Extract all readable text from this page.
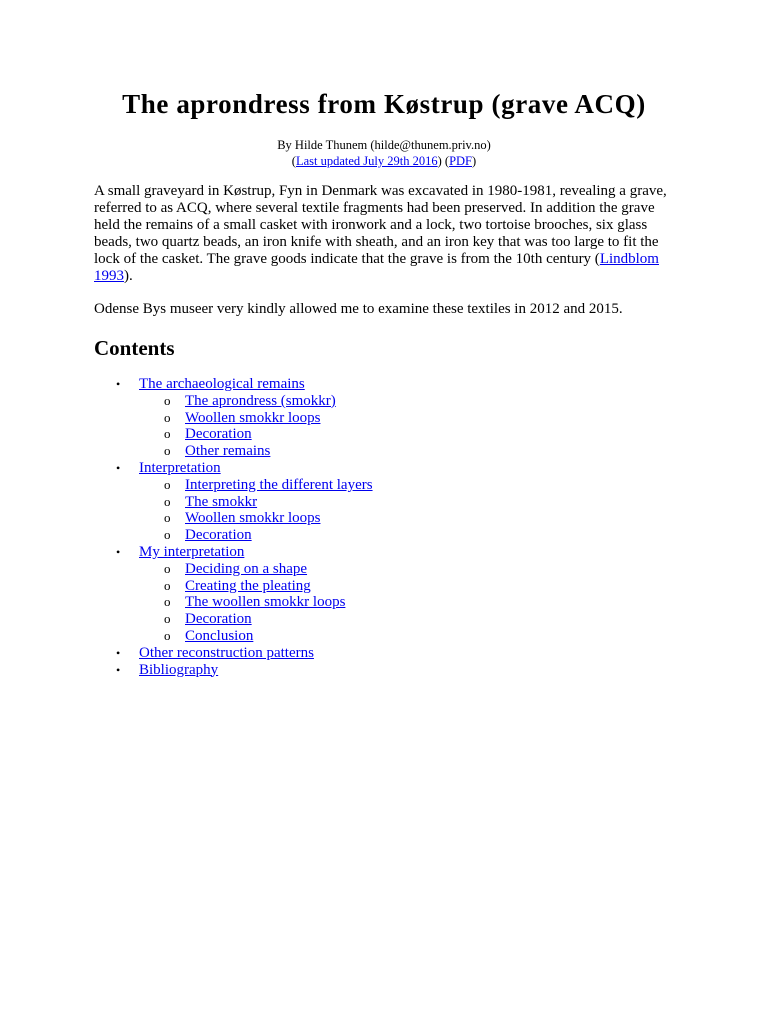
The aprondress from Køstrup (grave ACQ)
By Hilde Thunem (hilde@thunem.priv.no)
(Last updated July 29th 2016) (PDF)

A small graveyard in Køstrup, Fyn in Denmark was excavated in 1980-1981, revealing a grave, referred to as ACQ, where several textile fragments had been preserved. In addition the grave held the remains of a small casket with ironwork and a lock, two tortoise brooches, six glass beads, two quartz beads, an iron knife with sheath, and an iron key that was too large to fit the lock of the casket. The grave goods indicate that the grave is from the 10th century (Lindblom 1993).

Odense Bys museer very kindly allowed me to examine these textiles in 2012 and 2015.

Contents
• The archaeological remains
o The aprondress (smokkr)
o Woollen smokkr loops
o Decoration
o Other remains
• Interpretation
o Interpreting the different layers
o The smokkr
o Woollen smokkr loops
o Decoration
• My interpretation
o Deciding on a shape
o Creating the pleating
o The woollen smokkr loops
o Decoration
o Conclusion
• Other reconstruction patterns
• Bibliography
